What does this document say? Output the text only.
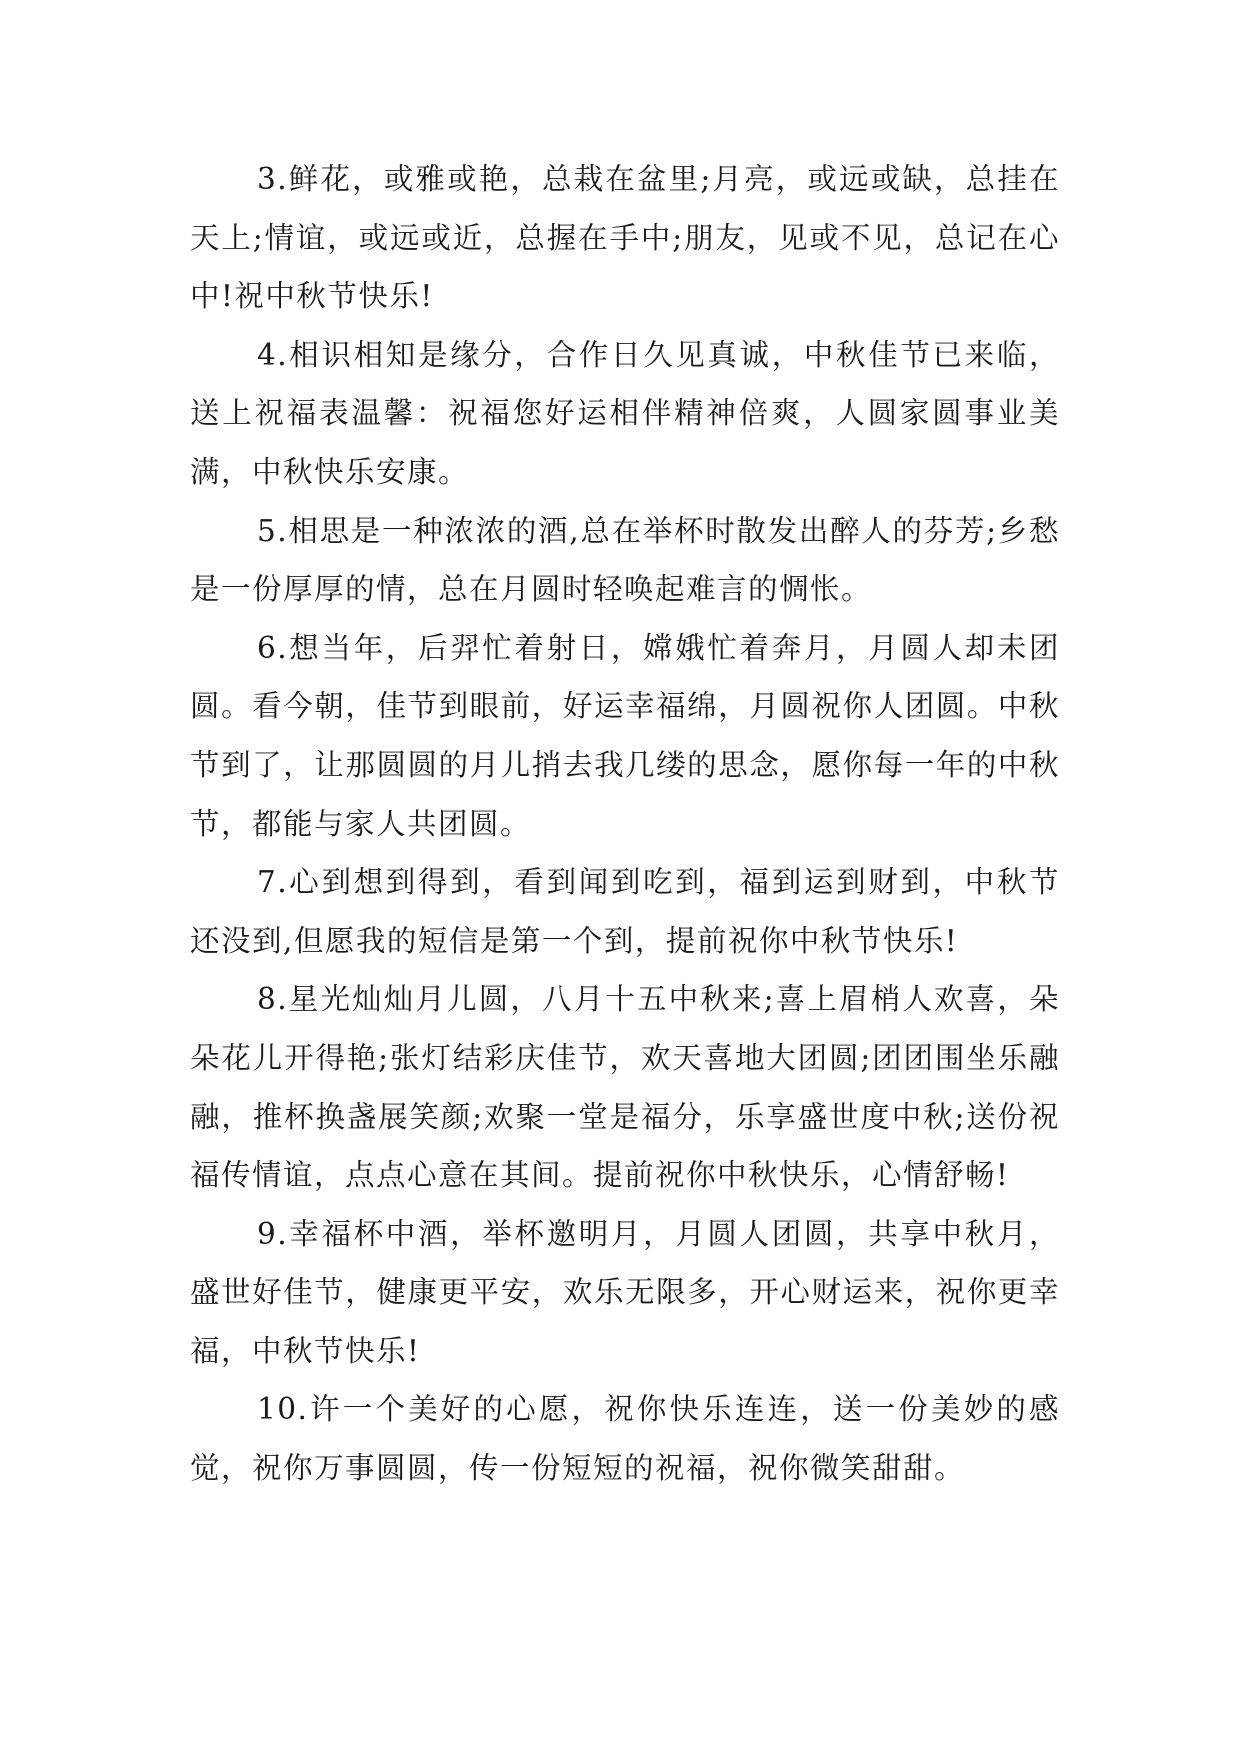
3.鲜花，或雅或艳，总栽在盆里;月亮，或远或缺，总挂在天上;情谊，或远或近，总握在手中;朋友，见或不见，总记在心中!祝中秋节快乐!

4.相识相知是缘分，合作日久见真诚，中秋佳节已来临，送上祝福表温馨：祝福您好运相伴精神倍爽，人圆家圆事业美满，中秋快乐安康。

5.相思是一种浓浓的酒,总在举杯时散发出醉人的芬芳;乡愁是一份厚厚的情，总在月圆时轻唤起难言的惆怅。

6.想当年，后羿忙着射日，嫦娥忙着奔月，月圆人却未团圆。看今朝，佳节到眼前，好运幸福绵，月圆祝你人团圆。中秋节到了，让那圆圆的月儿捎去我几缕的思念，愿你每一年的中秋节，都能与家人共团圆。

7.心到想到得到，看到闻到吃到，福到运到财到，中秋节还没到,但愿我的短信是第一个到，提前祝你中秋节快乐!

8.星光灿灿月儿圆，八月十五中秋来;喜上眉梢人欢喜，朵朵花儿开得艳;张灯结彩庆佳节，欢天喜地大团圆;团团围坐乐融融，推杯换盏展笑颜;欢聚一堂是福分，乐享盛世度中秋;送份祝福传情谊，点点心意在其间。提前祝你中秋快乐，心情舒畅!

9.幸福杯中酒，举杯邀明月，月圆人团圆，共享中秋月，盛世好佳节，健康更平安，欢乐无限多，开心财运来，祝你更幸福，中秋节快乐!

10.许一个美好的心愿，祝你快乐连连，送一份美妙的感觉，祝你万事圆圆，传一份短短的祝福，祝你微笑甜甜。
